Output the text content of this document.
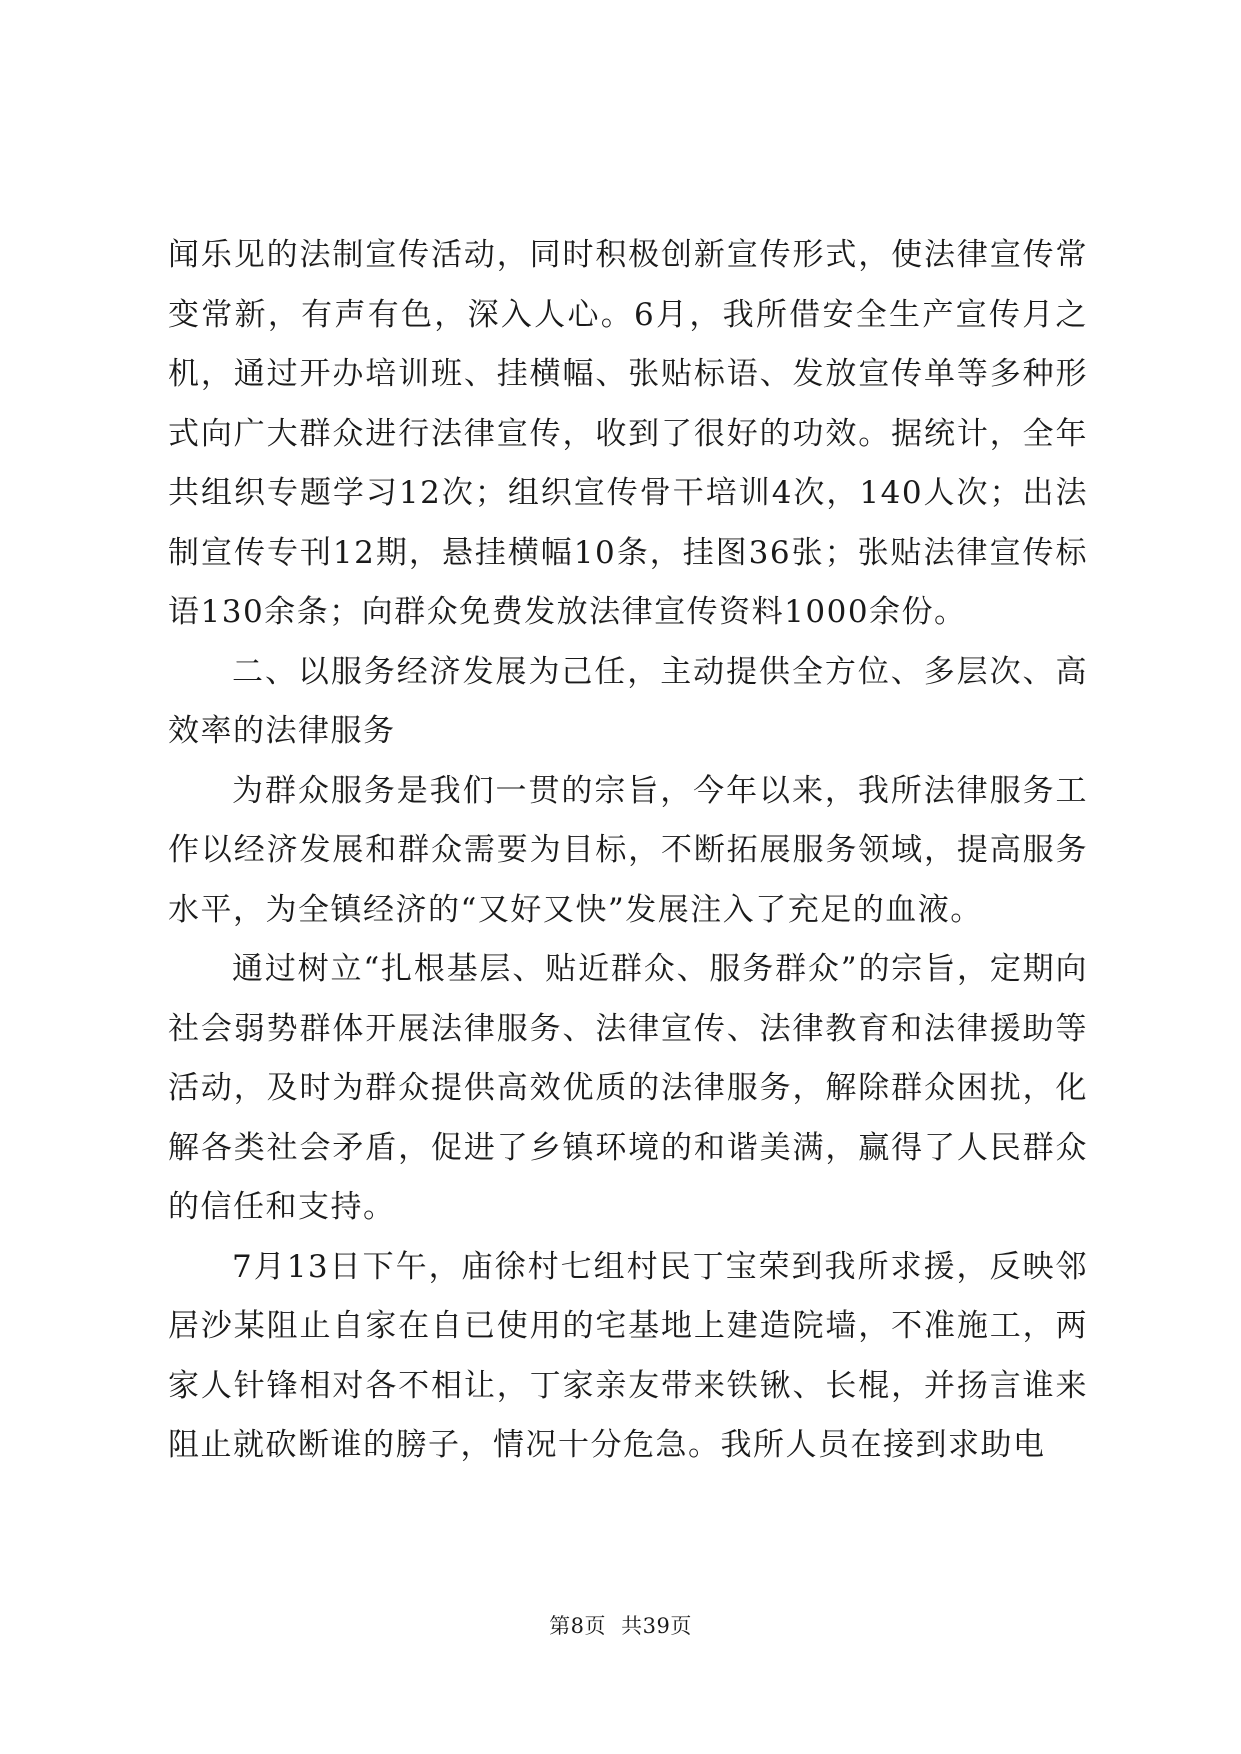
闻乐见的法制宣传活动，同时积极创新宣传形式，使法律宣传常变常新，有声有色，深入人心。6月，我所借安全生产宣传月之机，通过开办培训班、挂横幅、张贴标语、发放宣传单等多种形式向广大群众进行法律宣传，收到了很好的功效。据统计，全年共组织专题学习12次；组织宣传骨干培训4次，140人次；出法制宣传专刊12期，悬挂横幅10条，挂图36张；张贴法律宣传标语130余条；向群众免费发放法律宣传资料1000余份。

二、以服务经济发展为己任，主动提供全方位、多层次、高效率的法律服务

为群众服务是我们一贯的宗旨，今年以来，我所法律服务工作以经济发展和群众需要为目标，不断拓展服务领域，提高服务水平，为全镇经济的“又好又快”发展注入了充足的血液。

通过树立“扎根基层、贴近群众、服务群众”的宗旨，定期向社会弱势群体开展法律服务、法律宣传、法律教育和法律援助等活动，及时为群众提供高效优质的法律服务，解除群众困扰，化解各类社会矛盾，促进了乡镇环境的和谐美满，赢得了人民群众的信任和支持。

7月13日下午，庙徐村七组村民丁宝荣到我所求援，反映邻居沙某阻止自家在自已使用的宅基地上建造院墙，不准施工，两家人针锋相对各不相让，丁家亲友带来铁锹、长棍，并扬言谁来阻止就砍断谁的膀子，情况十分危急。我所人员在接到求助电

第8页 共39页
